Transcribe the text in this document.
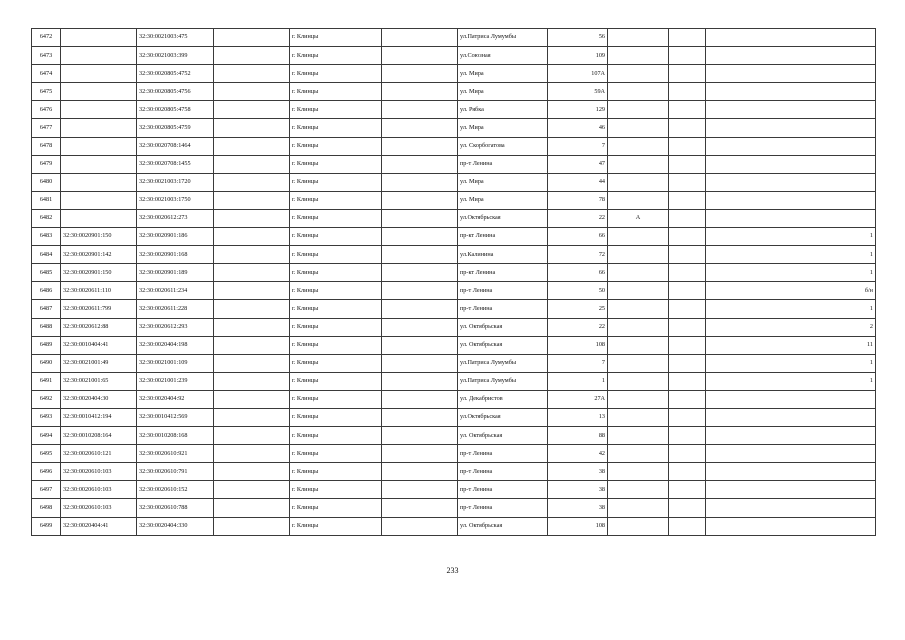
6472		32:30:0021003:475		г. Клинцы		ул.Патриса Лумумбы	56			
6473		32:30:0021003:399		г. Клинцы		ул.Союзная	109			
6474		32:30:0020805:4752		г. Клинцы		ул. Мира	107А			
6475		32:30:0020805:4756		г. Клинцы		ул. Мира	59А			
6476		32:30:0020805:4758		г. Клинцы		ул. Рябка	129			
6477		32:30:0020805:4759		г. Клинцы		ул. Мира	46			
6478		32:30:0020708:1464		г. Клинцы		ул. Скорбогатова	7			
6479		32:30:0020708:1455		г. Клинцы		пр-т Ленина	47			
6480		32:30:0021003:1720		г. Клинцы		ул. Мира	44			
6481		32:30:0021003:1750		г. Клинцы		ул. Мира	78			
6482		32:30:0020612:273		г. Клинцы		ул.Октябрьская	22	А		
6483	32:30:0020901:150	32:30:0020901:186		г. Клинцы		пр-кт Ленина	66			1
6484	32:30:0020901:142	32:30:0020901:168		г. Клинцы		ул.Калинина	72			1
6485	32:30:0020901:150	32:30:0020901:189		г. Клинцы		пр-кт Ленина	66			1
6486	32:30:0020611:110	32:30:0020611:234		г. Клинцы		пр-т Ленина	50			б/н
6487	32:30:0020611:799	32:30:0020611:228		г. Клинцы		пр-т Ленина	25			1
6488	32:30:0020612:88	32:30:0020612:293		г. Клинцы		ул. Октябрьская	22			2
6489	32:30:0010404:41	32:30:0020404:198		г. Клинцы		ул. Октябрьская	108			11
6490	32:30:0021001:49	32:30:0021001:109		г. Клинцы		ул.Патриса Лумумбы	7			1
6491	32:30:0021001:65	32:30:0021001:239		г. Клинцы		ул.Патриса Лумумбы	1			1
6492	32:30:0020404:30	32:30:0020404:92		г. Клинцы		ул. Декабристов	27А			
6493	32:30:0010412:194	32:30:0010412:569		г. Клинцы		ул.Октябрьская	13			
6494	32:30:0010208:164	32:30:0010208:168		г. Клинцы		ул. Октябрьская	88			
6495	32:30:0020610:121	32:30:0020610:921		г. Клинцы		пр-т Ленина	42			
6496	32:30:0020610:103	32:30:0020610:791		г. Клинцы		пр-т Ленина	38			
6497	32:30:0020610:103	32:30:0020610:152		г. Клинцы		пр-т Ленина	38			
6498	32:30:0020610:103	32:30:0020610:788		г. Клинцы		пр-т Ленина	38			
6499	32:30:0020404:41	32:30:0020404:330		г. Клинцы		ул. Октябрьская	108			
233
